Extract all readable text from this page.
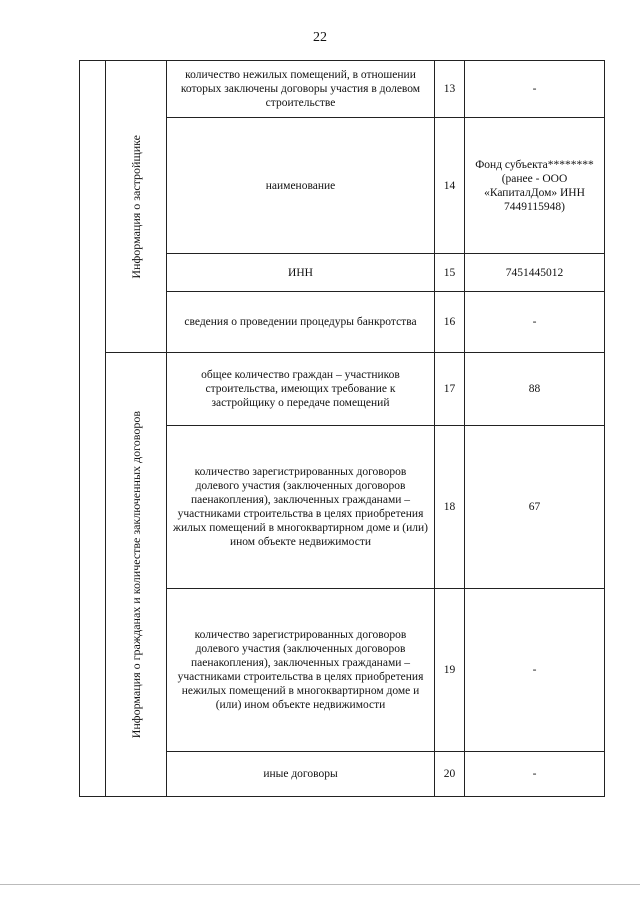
22

	Информация о застройщике	количество нежилых помещений, в отношении которых заключены договоры участия в долевом строительстве	13	-
		наименование	14	Фонд субъекта******** (ранее - ООО «КапиталДом» ИНН 7449115948)
		ИНН	15	7451445012
		сведения о проведении процедуры банкротства	16	-

	Информация о гражданах и количестве заключенных договоров	общее количество граждан – участников строительства, имеющих требование к застройщику о передаче помещений	17	88
		количество зарегистрированных договоров долевого участия (заключенных договоров паенакопления), заключенных гражданами – участниками строительства в целях приобретения жилых помещений в многоквартирном доме и (или) ином объекте недвижимости	18	67
		количество зарегистрированных договоров долевого участия (заключенных договоров паенакопления), заключенных гражданами – участниками строительства в целях приобретения нежилых помещений в многоквартирном доме и (или) ином объекте недвижимости	19	-
		иные договоры	20	-
